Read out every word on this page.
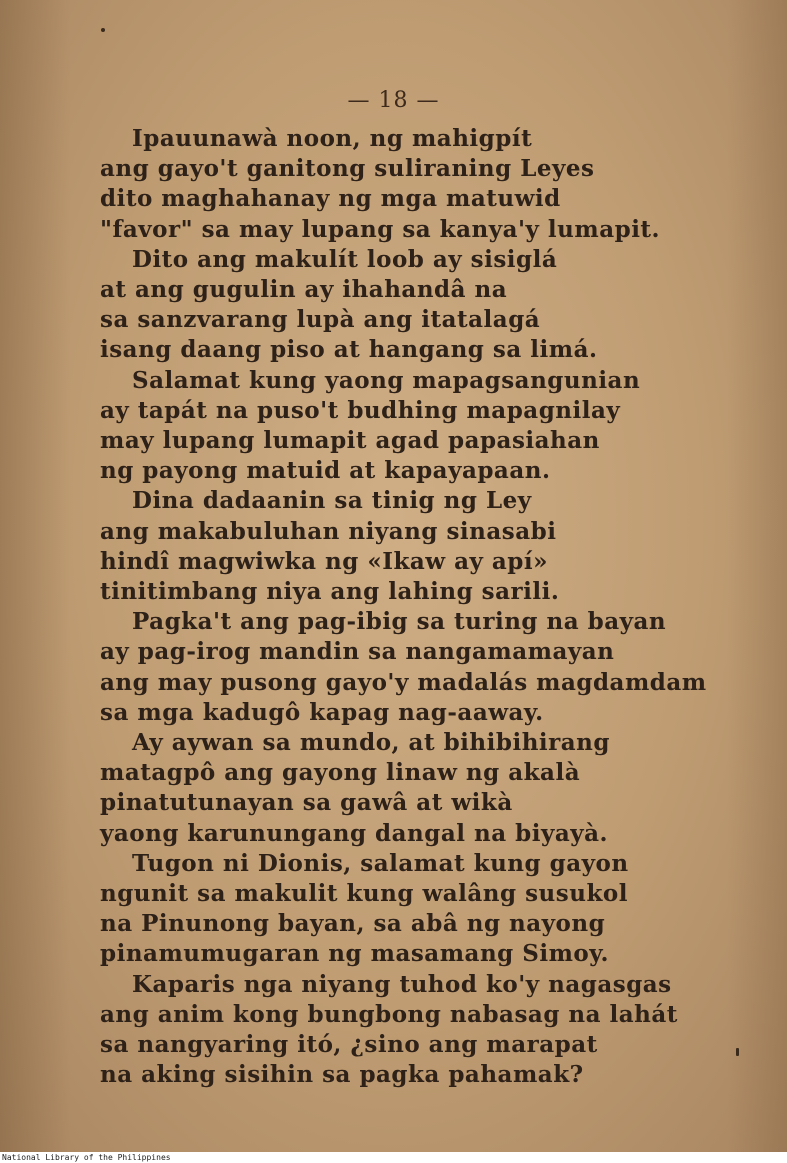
— 18 —
Ipauunawà noon, ng mahigpít
ang gayo't ganitong suliraning Leyes
dito maghahanay ng mga matuwid
"favor" sa may lupang sa kanya'y lumapit.
Dito ang makulít loob ay sisiglá
at ang gugulin ay ihahandâ na
sa sanzvarang lupà ang itatalagá
isang daang piso at hangang sa limá.
Salamat kung yaong mapagsangunian
ay tapát na puso't budhing mapagnilay
may lupang lumapit agad papasiahan
ng payong matuid at kapayapaan.
Dina dadaanin sa tinig ng Ley
ang makabuluhan niyang sinasabi
hindî magwiwka ng «Ikaw ay apí»
tinitimbang niya ang lahing sarili.
Pagka't ang pag-ibig sa turing na bayan
ay pag-irog mandin sa nangamamayan
ang may pusong gayo'y madalás magdamdam
sa mga kadugô kapag nag-aaway.
Ay aywan sa mundo, at bihibihirang
matagpô ang gayong linaw ng akalà
pinatutunayan sa gawâ at wikà
yaong karunungang dangal na biyayà.
Tugon ni Dionis, salamat kung gayon
ngunit sa makulit kung walâng susukol
na Pinunong bayan, sa abâ ng nayong
pinamumugaran ng masamang Simoy.
Kaparis nga niyang tuhod ko'y nagasgas
ang anim kong bungbong nabasag na lahát
sa nangyaring itó, ¿sino ang marapat
na aking sisihin sa pagka pahamak?
National Library of the Philippines
